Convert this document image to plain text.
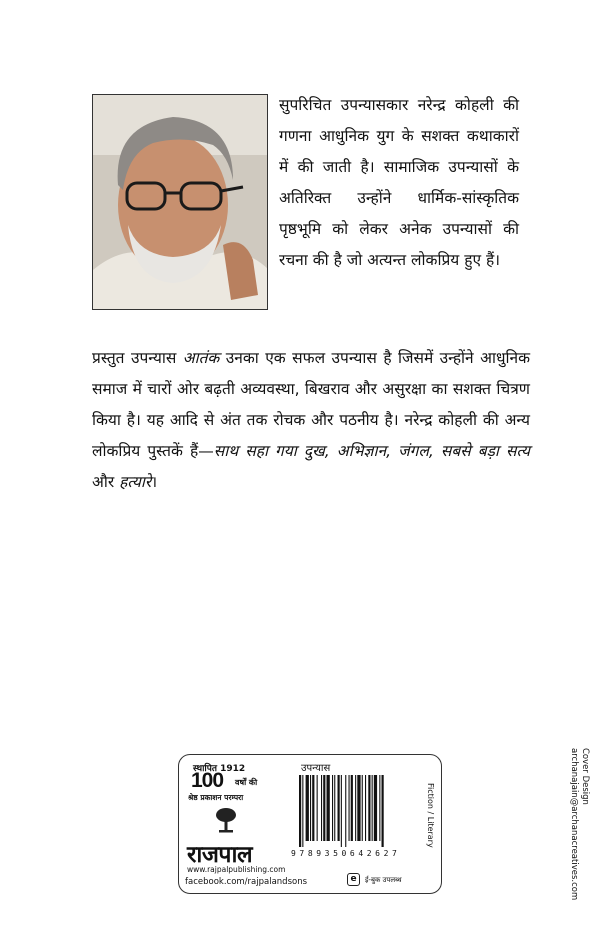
सुपरिचित उपन्यासकार नरेन्द्र कोहली की गणना आधुनिक युग के सशक्त कथाकारों में की जाती है। सामाजिक उपन्यासों के अतिरिक्त उन्होंने धार्मिक-सांस्कृतिक पृष्ठभूमि को लेकर अनेक उपन्यासों की रचना की है जो अत्यन्त लोकप्रिय हुए हैं।

प्रस्तुत उपन्यास आतंक उनका एक सफल उपन्यास है जिसमें उन्होंने आधुनिक समाज में चारों ओर बढ़ती अव्यवस्था, बिखराव और असुरक्षा का सशक्त चित्रण किया है। यह आदि से अंत तक रोचक और पठनीय है। नरेन्द्र कोहली की अन्य लोकप्रिय पुस्तकें हैं—साथ सहा गया दुख, अभिज्ञान, जंगल, सबसे बड़ा सत्य और हत्यारे।

Cover Design
archanajain@archanacreatives.com
स्थापित 1912
100 वर्षों की
श्रेष्ठ प्रकाशन परम्परा
राजपाल
www.rajpalpublishing.com
facebook.com/rajpalandsons
उपन्यास
9789350642627
Fiction / Literary
e	ई-बुक उपलब्ध
